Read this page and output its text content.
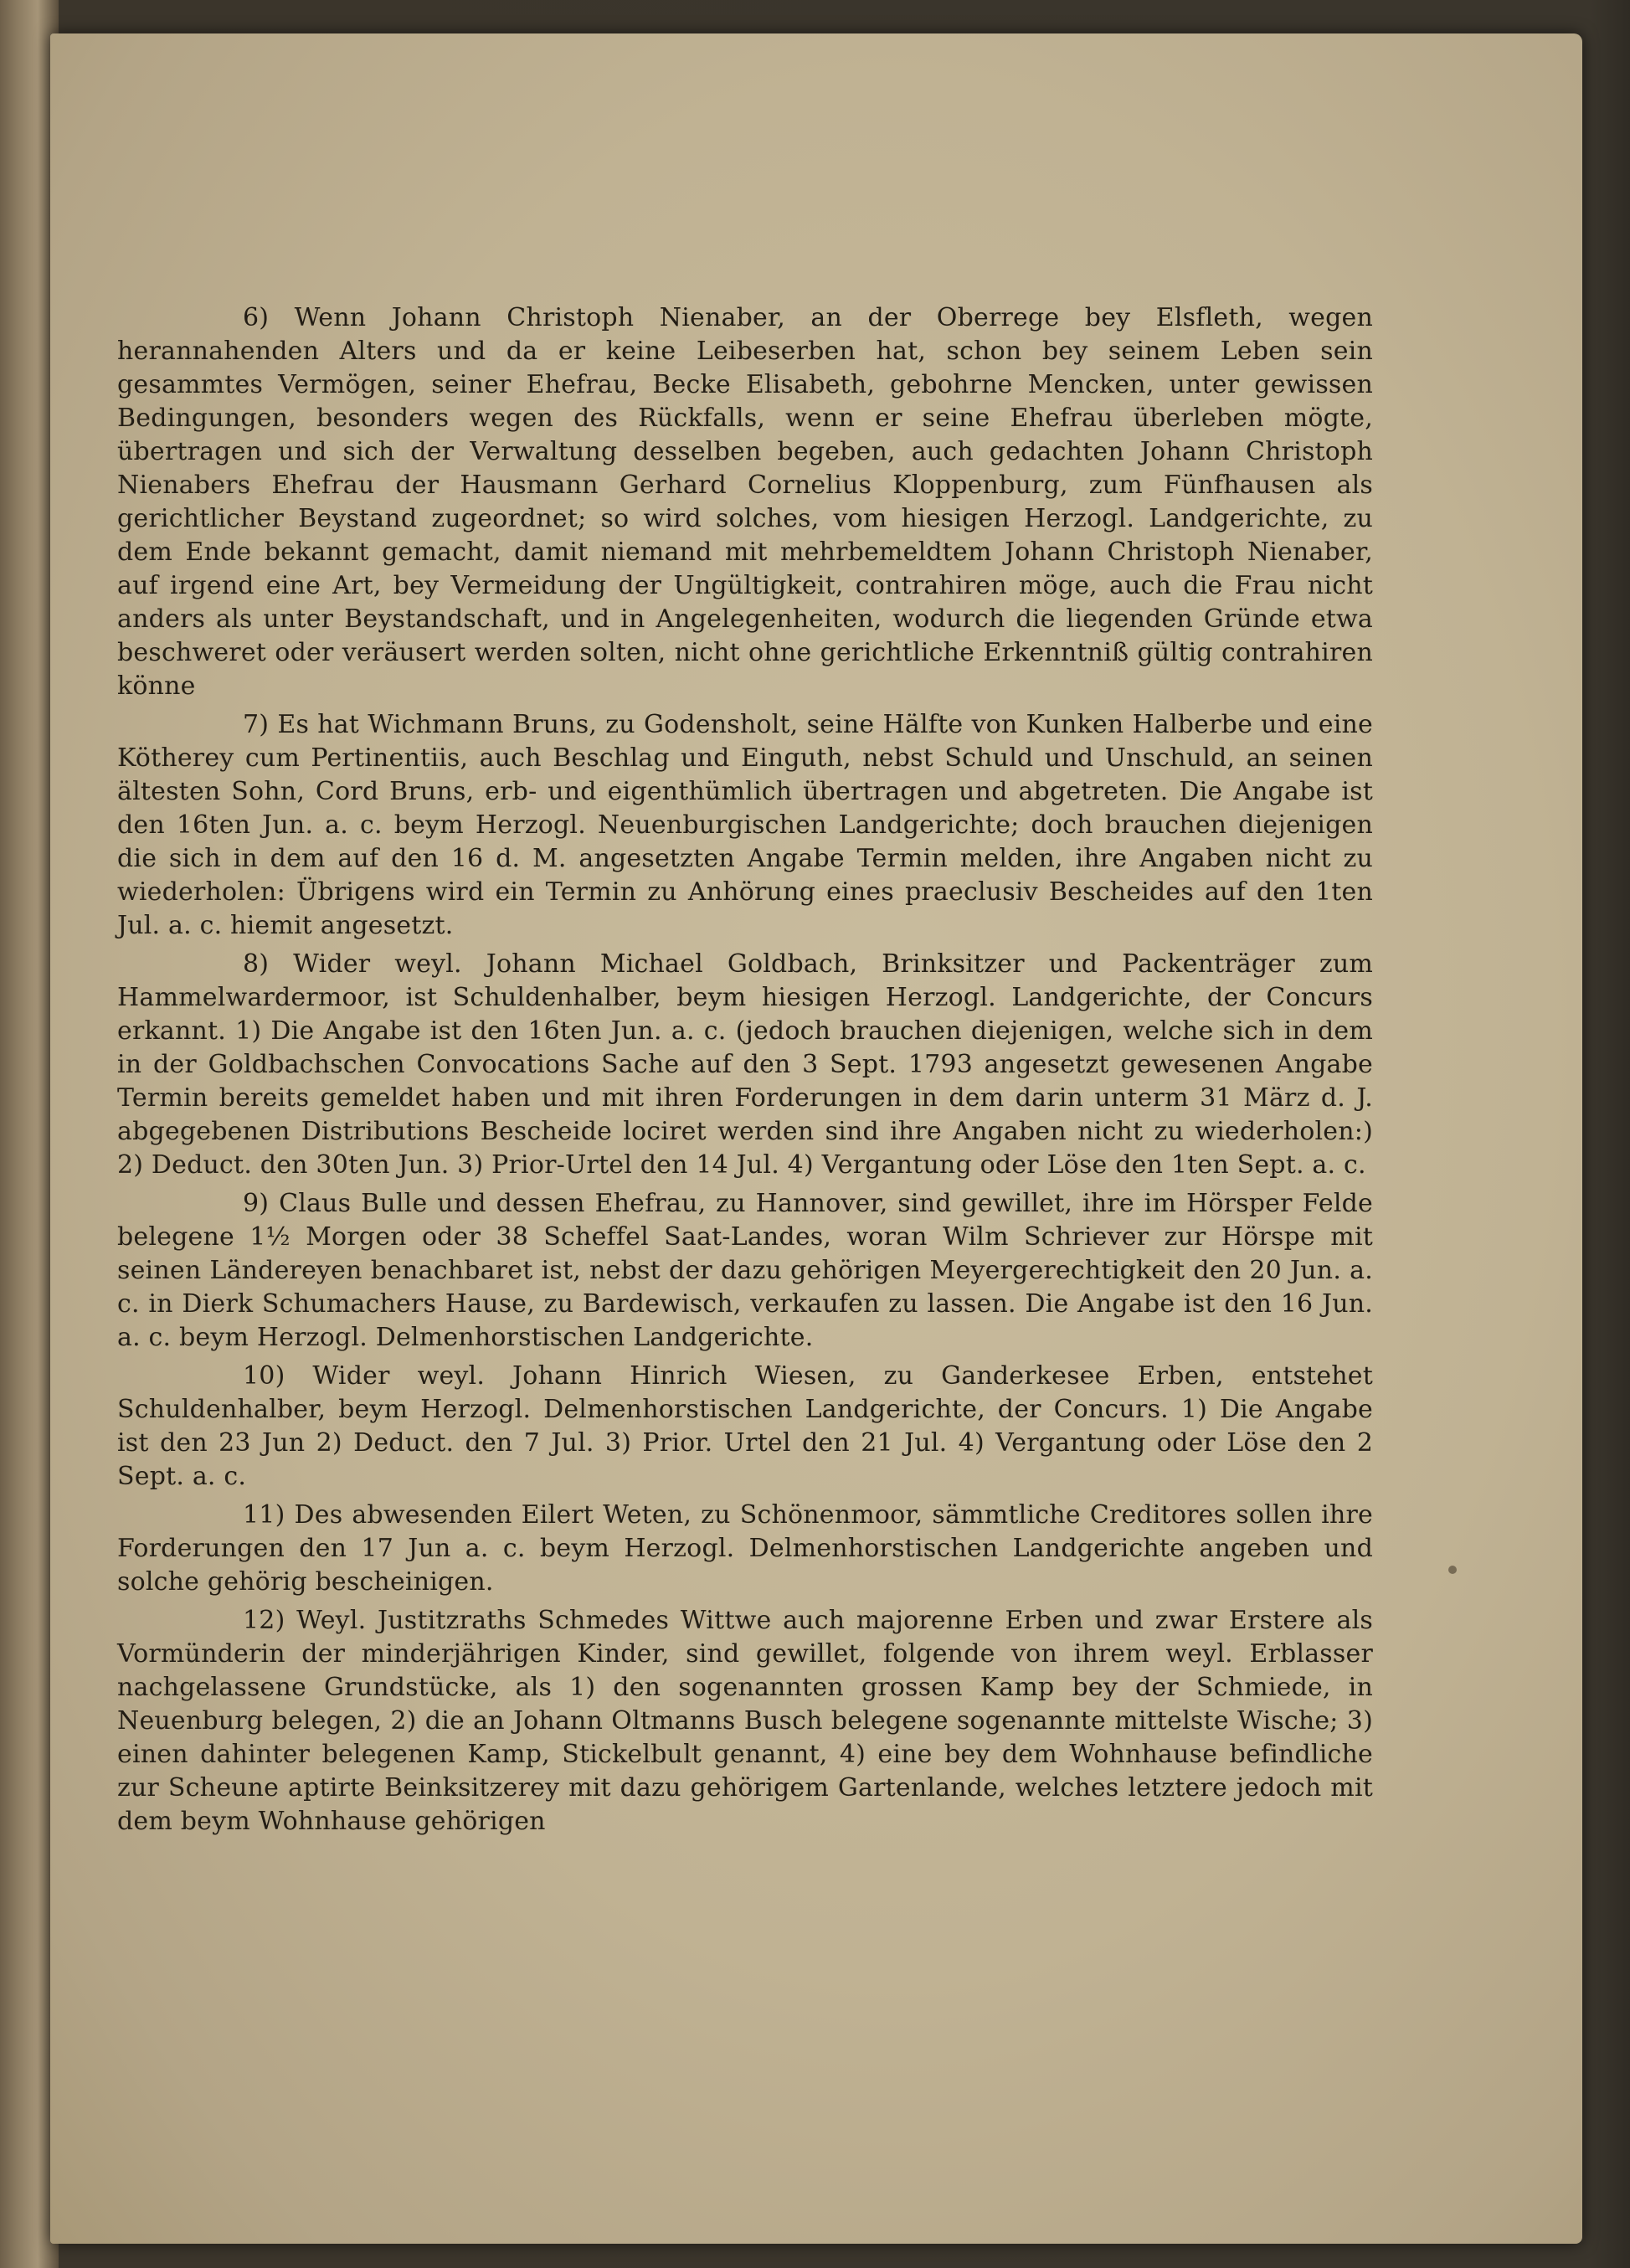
6) Wenn Johann Christoph Nienaber, an der Oberrege bey Elsfleth, wegen herannahenden Alters und da er keine Leibeserben hat, schon bey seinem Leben sein gesammtes Vermögen, seiner Ehefrau, Becke Elisabeth, gebohrne Mencken, unter gewissen Bedingungen, besonders wegen des Rückfalls, wenn er seine Ehefrau überleben mögte, übertragen und sich der Verwaltung desselben begeben, auch gedachten Johann Christoph Nienabers Ehefrau der Hausmann Gerhard Cornelius Kloppenburg, zum Fünfhausen als gerichtlicher Beystand zugeordnet; so wird solches, vom hiesigen Herzogl. Landgerichte, zu dem Ende bekannt gemacht, damit niemand mit mehrbemeldtem Johann Christoph Nienaber, auf irgend eine Art, bey Vermeidung der Ungültigkeit, contrahiren möge, auch die Frau nicht anders als unter Beystandschaft, und in Angelegenheiten, wodurch die liegenden Gründe etwa beschweret oder veräusert werden solten, nicht ohne gerichtliche Erkenntniß gültig contrahiren könne

7) Es hat Wichmann Bruns, zu Godensholt, seine Hälfte von Kunken Halberbe und eine Kötherey cum Pertinentiis, auch Beschlag und Einguth, nebst Schuld und Unschuld, an seinen ältesten Sohn, Cord Bruns, erb- und eigenthümlich übertragen und abgetreten. Die Angabe ist den 16ten Jun. a. c. beym Herzogl. Neuenburgischen Landgerichte; doch brauchen diejenigen die sich in dem auf den 16 d. M. angesetzten Angabe Termin melden, ihre Angaben nicht zu wiederholen: Übrigens wird ein Termin zu Anhörung eines praeclusiv Bescheides auf den 1ten Jul. a. c. hiemit angesetzt.

8) Wider weyl. Johann Michael Goldbach, Brinksitzer und Packenträger zum Hammelwardermoor, ist Schuldenhalber, beym hiesigen Herzogl. Landgerichte, der Concurs erkannt. 1) Die Angabe ist den 16ten Jun. a. c. (jedoch brauchen diejenigen, welche sich in dem in der Goldbachschen Convocations Sache auf den 3 Sept. 1793 angesetzt gewesenen Angabe Termin bereits gemeldet haben und mit ihren Forderungen in dem darin unterm 31 März d. J. abgegebenen Distributions Bescheide lociret werden sind ihre Angaben nicht zu wiederholen:) 2) Deduct. den 30ten Jun. 3) Prior-Urtel den 14 Jul. 4) Vergantung oder Löse den 1ten Sept. a. c.

9) Claus Bulle und dessen Ehefrau, zu Hannover, sind gewillet, ihre im Hörsper Felde belegene 1½ Morgen oder 38 Scheffel Saat-Landes, woran Wilm Schriever zur Hörspe mit seinen Ländereyen benachbaret ist, nebst der dazu gehörigen Meyergerechtigkeit den 20 Jun. a. c. in Dierk Schumachers Hause, zu Bardewisch, verkaufen zu lassen. Die Angabe ist den 16 Jun. a. c. beym Herzogl. Delmenhorstischen Landgerichte.

10) Wider weyl. Johann Hinrich Wiesen, zu Ganderkesee Erben, entstehet Schuldenhalber, beym Herzogl. Delmenhorstischen Landgerichte, der Concurs. 1) Die Angabe ist den 23 Jun 2) Deduct. den 7 Jul. 3) Prior. Urtel den 21 Jul. 4) Vergantung oder Löse den 2 Sept. a. c.

11) Des abwesenden Eilert Weten, zu Schönenmoor, sämmtliche Creditores sollen ihre Forderungen den 17 Jun a. c. beym Herzogl. Delmenhorstischen Landgerichte angeben und solche gehörig bescheinigen.

12) Weyl. Justitzraths Schmedes Wittwe auch majorenne Erben und zwar Erstere als Vormünderin der minderjährigen Kinder, sind gewillet, folgende von ihrem weyl. Erblasser nachgelassene Grundstücke, als 1) den sogenannten grossen Kamp bey der Schmiede, in Neuenburg belegen, 2) die an Johann Oltmanns Busch belegene sogenannte mittelste Wische; 3) einen dahinter belegenen Kamp, Stickelbult genannt, 4) eine bey dem Wohnhause befindliche zur Scheune aptirte Beinksitzerey mit dazu gehörigem Gartenlande, welches letztere jedoch mit dem beym Wohnhause gehörigen
